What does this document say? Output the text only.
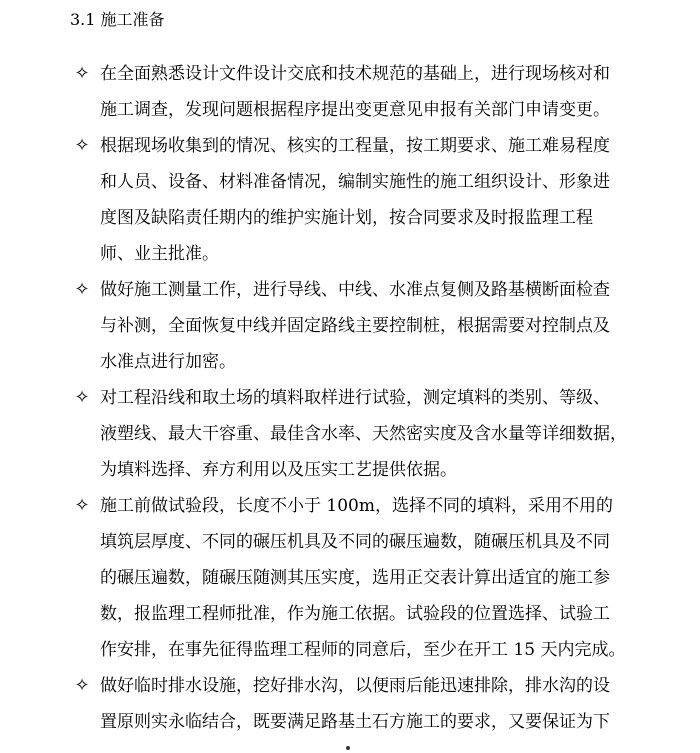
3.1 施工准备
✧ 在全面熟悉设计文件设计交底和技术规范的基础上，进行现场核对和
施工调查，发现问题根据程序提出变更意见申报有关部门申请变更。
✧ 根据现场收集到的情况、核实的工程量，按工期要求、施工难易程度
和人员、设备、材料准备情况，编制实施性的施工组织设计、形象进
度图及缺陷责任期内的维护实施计划，按合同要求及时报监理工程
师、业主批准。
✧ 做好施工测量工作，进行导线、中线、水准点复侧及路基横断面检查
与补测，全面恢复中线并固定路线主要控制桩，根据需要对控制点及
水准点进行加密。
✧ 对工程沿线和取土场的填料取样进行试验，测定填料的类别、等级、
液塑线、最大干容重、最佳含水率、天然密实度及含水量等详细数据，
为填料选择、弃方利用以及压实工艺提供依据。
✧ 施工前做试验段，长度不小于 100m，选择不同的填料，采用不用的
填筑层厚度、不同的碾压机具及不同的碾压遍数，随碾压机具及不同
的碾压遍数，随碾压随测其压实度，选用正交表计算出适宜的施工参
数，报监理工程师批准，作为施工依据。试验段的位置选择、试验工
作安排，在事先征得监理工程师的同意后，至少在开工 15 天内完成。
✧ 做好临时排水设施，挖好排水沟，以便雨后能迅速排除，排水沟的设
置原则实永临结合，既要满足路基土石方施工的要求，又要保证为下
